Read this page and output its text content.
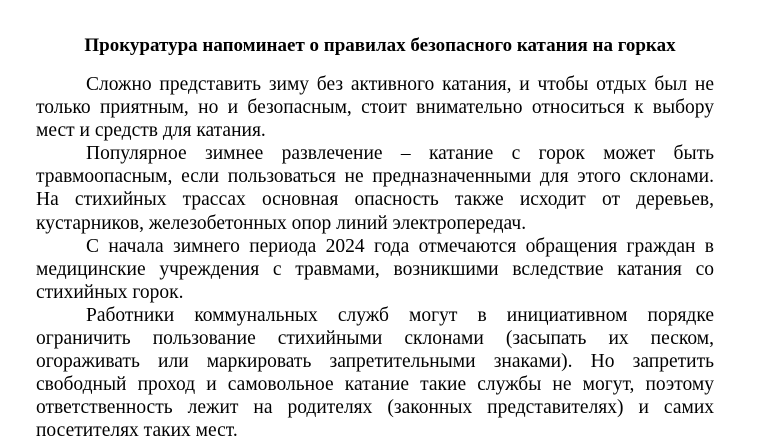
Прокуратура напоминает о правилах безопасного катания на горках

Сложно представить зиму без активного катания, и чтобы отдых был не только приятным, но и безопасным, стоит внимательно относиться к выбору мест и средств для катания.

Популярное зимнее развлечение – катание с горок может быть травмоопасным, если пользоваться не предназначенными для этого склонами. На стихийных трассах основная опасность также исходит от деревьев, кустарников, железобетонных опор линий электропередач.

С начала зимнего периода 2024 года отмечаются обращения граждан в медицинские учреждения с травмами, возникшими вследствие катания со стихийных горок.

Работники коммунальных служб могут в инициативном порядке ограничить пользование стихийными склонами (засыпать их песком, огораживать или маркировать запретительными знаками). Но запретить свободный проход и самовольное катание такие службы не могут, поэтому ответственность лежит на родителях (законных представителях) и самих посетителях таких мест.
